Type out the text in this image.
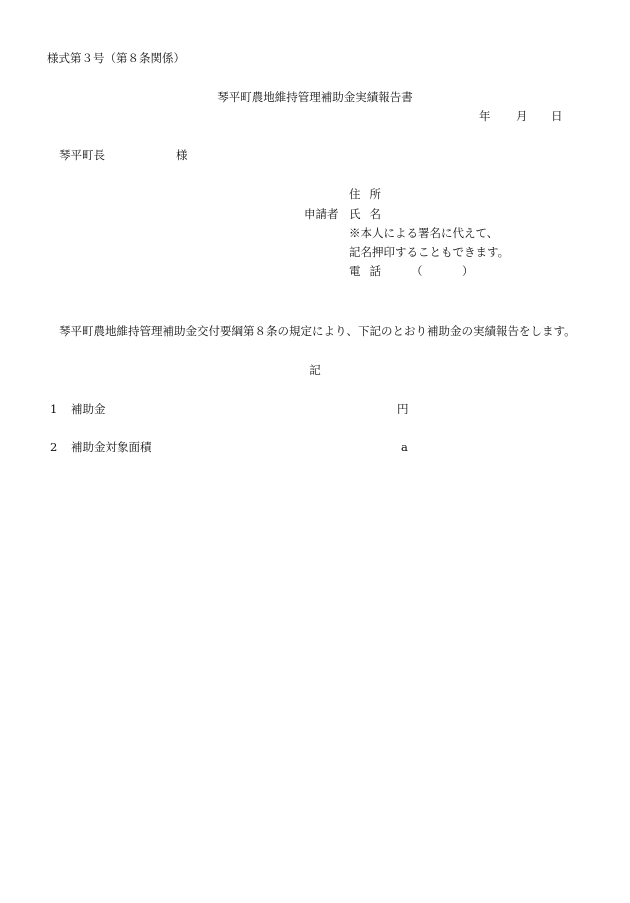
様式第３号（第８条関係）
琴平町農地維持管理補助金実績報告書
年 月 日
琴平町長	様
申請者
住所
氏名
※本人による署名に代えて、
記名押印することもできます。
電話 （	）
琴平町農地維持管理補助金交付要綱第８条の規定により、下記のとおり補助金の実績報告をします。
記
1 補助金	円
2 補助金対象面積	a
